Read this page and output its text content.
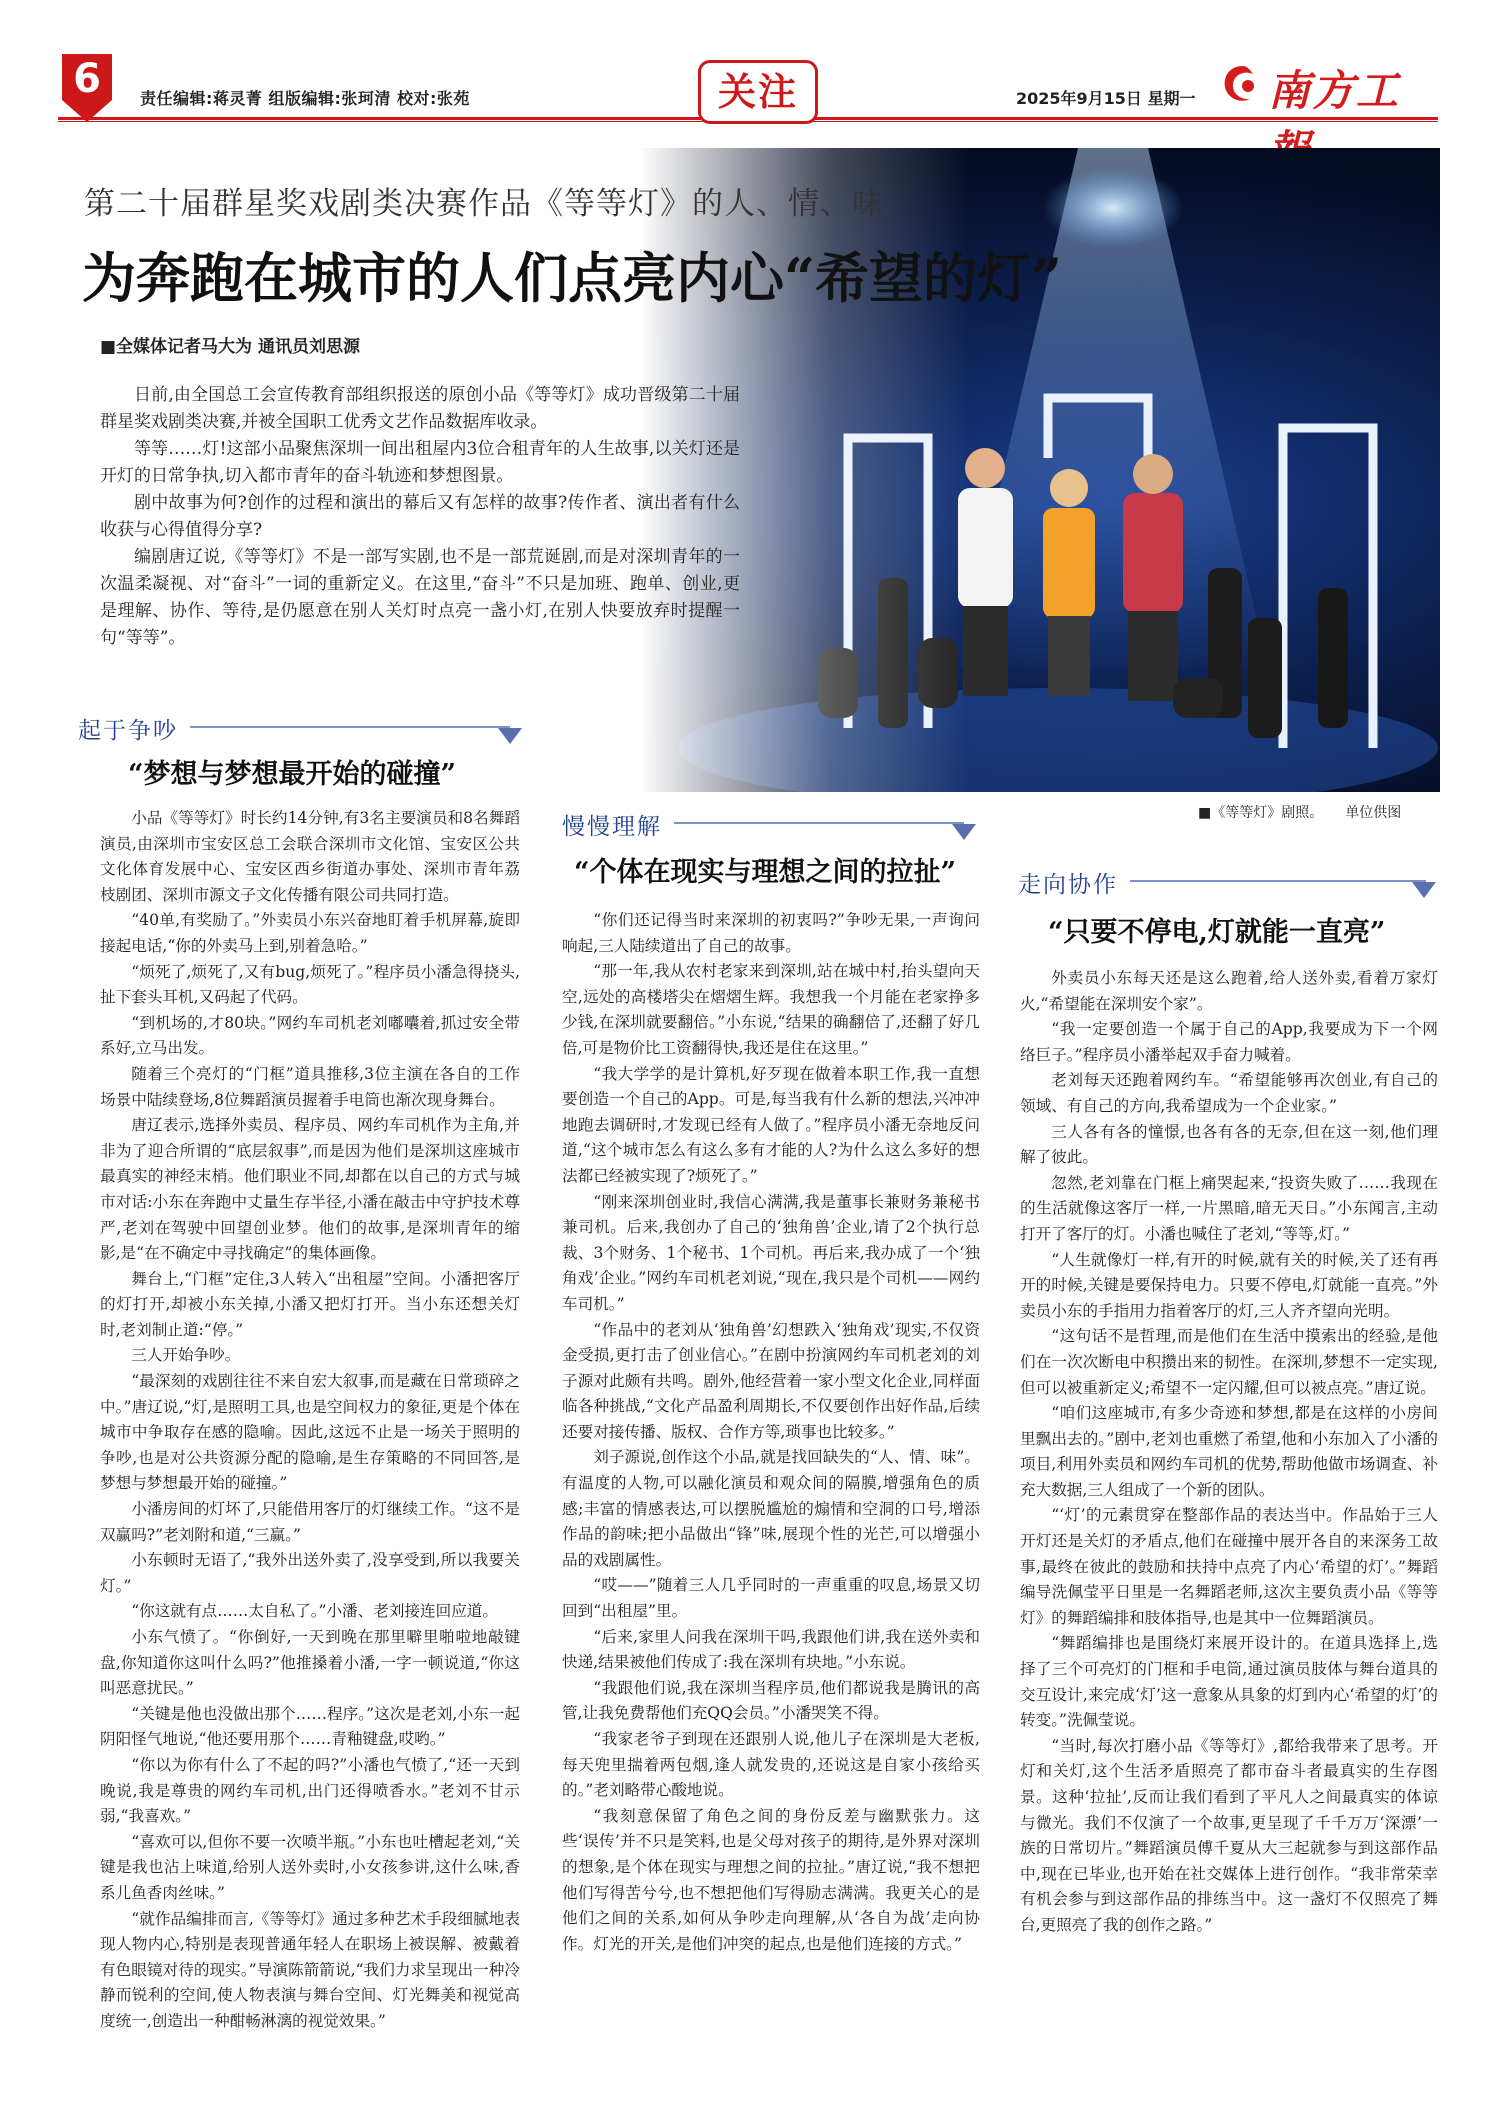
6	责任编辑:蒋灵菁 组版编辑:张珂清 校对:张苑	关注	2025年9月15日 星期一 南方工
第二十届群星奖戏剧类决赛作品《等等灯》的人、情、味
为奔跑在城市的人们点亮内心“希望的灯”
■全媒体记者马大为 通讯员刘思源

日前,由全国总工会宣传教育部组织报送的原创小品《等等灯》成功晋级第二十届群星奖戏剧类决赛,并被全国职工优秀文艺作品数据库收录。

等等……灯!这部小品聚焦深圳一间出租屋内3位合租青年的人生故事,以关灯还是开灯的日常争执,切入都市青年的奋斗轨迹和梦想图景。

剧中故事为何?创作的过程和演出的幕后又有怎样的故事?传作者、演出者有什么收获与心得值得分享?

编剧唐辽说,《等等灯》不是一部写实剧,也不是一部荒诞剧,而是对深圳青年的一次温柔凝视、对“奋斗”一词的重新定义。在这里,“奋斗”不只是加班、跑单、创业,更是理解、协作、等待,是仍愿意在别人关灯时点亮一盏小灯,在别人快要放弃时提醒一句“等等”。

■《等等灯》剧照。 单位供图
起于争吵
“梦想与梦想最开始的碰撞”

小品《等等灯》时长约14分钟,有3名主要演员和8名舞蹈演员,由深圳市宝安区总工会联合深圳市文化馆、宝安区公共文化体育发展中心、宝安区西乡街道办事处、深圳市青年荔枝剧团、深圳市源文子文化传播有限公司共同打造。

“40单,有奖励了。”外卖员小东兴奋地盯着手机屏幕,旋即接起电话,“你的外卖马上到,别着急哈。”

“烦死了,烦死了,又有bug,烦死了。”程序员小潘急得挠头,扯下套头耳机,又码起了代码。

“到机场的,才80块。”网约车司机老刘嘟囔着,抓过安全带系好,立马出发。

随着三个亮灯的“门框”道具推移,3位主演在各自的工作场景中陆续登场,8位舞蹈演员握着手电筒也渐次现身舞台。

唐辽表示,选择外卖员、程序员、网约车司机作为主角,并非为了迎合所谓的“底层叙事”,而是因为他们是深圳这座城市最真实的神经末梢。他们职业不同,却都在以自己的方式与城市对话:小东在奔跑中丈量生存半径,小潘在敲击中守护技术尊严,老刘在驾驶中回望创业梦。他们的故事,是深圳青年的缩影,是“在不确定中寻找确定”的集体画像。

舞台上,“门框”定住,3人转入“出租屋”空间。小潘把客厅的灯打开,却被小东关掉,小潘又把灯打开。当小东还想关灯时,老刘制止道:“停。”

三人开始争吵。

“最深刻的戏剧往往不来自宏大叙事,而是藏在日常琐碎之中。”唐辽说,“灯,是照明工具,也是空间权力的象征,更是个体在城市中争取存在感的隐喻。因此,这远不止是一场关于照明的争吵,也是对公共资源分配的隐喻,是生存策略的不同回答,是梦想与梦想最开始的碰撞。”

小潘房间的灯坏了,只能借用客厅的灯继续工作。“这不是双赢吗?”老刘附和道,“三赢。”

小东顿时无语了,“我外出送外卖了,没享受到,所以我要关灯。”

“你这就有点……太自私了。”小潘、老刘接连回应道。

小东气愤了。“你倒好,一天到晚在那里噼里啪啦地敲键盘,你知道你这叫什么吗?”他推搡着小潘,一字一顿说道,“你这叫恶意扰民。”

“关键是他也没做出那个……程序。”这次是老刘,小东一起阴阳怪气地说,“他还要用那个……青釉键盘,哎哟。”

“你以为你有什么了不起的吗?”小潘也气愤了,“还一天到晚说,我是尊贵的网约车司机,出门还得喷香水。”老刘不甘示弱,“我喜欢。”

“喜欢可以,但你不要一次喷半瓶。”小东也吐槽起老刘,“关键是我也沾上味道,给别人送外卖时,小女孩参讲,这什么味,香系儿鱼香肉丝味。”

“就作品编排而言,《等等灯》通过多种艺术手段细腻地表现人物内心,特别是表现普通年轻人在职场上被误解、被戴着有色眼镜对待的现实。”导演陈箭箭说,“我们力求呈现出一种冷静而锐利的空间,使人物表演与舞台空间、灯光舞美和视觉高度统一,创造出一种酣畅淋漓的视觉效果。”

慢慢理解
“个体在现实与理想之间的拉扯”

“你们还记得当时来深圳的初衷吗?”争吵无果,一声询问响起,三人陆续道出了自己的故事。

“那一年,我从农村老家来到深圳,站在城中村,抬头望向天空,远处的高楼塔尖在熠熠生辉。我想我一个月能在老家挣多少钱,在深圳就要翻倍。”小东说,“结果的确翻倍了,还翻了好几倍,可是物价比工资翻得快,我还是住在这里。”

“我大学学的是计算机,好歹现在做着本职工作,我一直想要创造一个自己的App。可是,每当我有什么新的想法,兴冲冲地跑去调研时,才发现已经有人做了。”程序员小潘无奈地反问道,“这个城市怎么有这么多有才能的人?为什么这么多好的想法都已经被实现了?烦死了。”

“刚来深圳创业时,我信心满满,我是董事长兼财务兼秘书兼司机。后来,我创办了自己的‘独角兽’企业,请了2个执行总裁、3个财务、1个秘书、1个司机。再后来,我办成了一个‘独角戏’企业。”网约车司机老刘说,“现在,我只是个司机——网约车司机。”

“作品中的老刘从‘独角兽’幻想跌入‘独角戏’现实,不仅资金受损,更打击了创业信心。”在剧中扮演网约车司机老刘的刘子源对此颇有共鸣。剧外,他经营着一家小型文化企业,同样面临各种挑战,“文化产品盈利周期长,不仅要创作出好作品,后续还要对接传播、版权、合作方等,琐事也比较多。”

刘子源说,创作这个小品,就是找回缺失的“人、情、味”。有温度的人物,可以融化演员和观众间的隔膜,增强角色的质感;丰富的情感表达,可以摆脱尴尬的煽情和空洞的口号,增添作品的韵味;把小品做出“锋”味,展现个性的光芒,可以增强小品的戏剧属性。

“哎——”随着三人几乎同时的一声重重的叹息,场景又切回到“出租屋”里。

“后来,家里人问我在深圳干吗,我跟他们讲,我在送外卖和快递,结果被他们传成了:我在深圳有块地。”小东说。

“我跟他们说,我在深圳当程序员,他们都说我是腾讯的高管,让我免费帮他们充QQ会员。”小潘哭笑不得。

“我家老爷子到现在还跟别人说,他儿子在深圳是大老板,每天兜里揣着两包烟,逢人就发贵的,还说这是自家小孩给买的。”老刘略带心酸地说。

“我刻意保留了角色之间的身份反差与幽默张力。这些‘误传’并不只是笑料,也是父母对孩子的期待,是外界对深圳的想象,是个体在现实与理想之间的拉扯。”唐辽说,“我不想把他们写得苦兮兮,也不想把他们写得励志满满。我更关心的是他们之间的关系,如何从争吵走向理解,从‘各自为战’走向协作。灯光的开关,是他们冲突的起点,也是他们连接的方式。”

走向协作
“只要不停电,灯就能一直亮”

外卖员小东每天还是这么跑着,给人送外卖,看着万家灯火,“希望能在深圳安个家”。

“我一定要创造一个属于自己的App,我要成为下一个网络巨子。”程序员小潘举起双手奋力喊着。

老刘每天还跑着网约车。“希望能够再次创业,有自己的领域、有自己的方向,我希望成为一个企业家。”

三人各有各的憧憬,也各有各的无奈,但在这一刻,他们理解了彼此。

忽然,老刘靠在门框上痛哭起来,“投资失败了……我现在的生活就像这客厅一样,一片黑暗,暗无天日。”小东闻言,主动打开了客厅的灯。小潘也喊住了老刘,“等等,灯。”

“人生就像灯一样,有开的时候,就有关的时候,关了还有再开的时候,关键是要保持电力。只要不停电,灯就能一直亮。”外卖员小东的手指用力指着客厅的灯,三人齐齐望向光明。

“这句话不是哲理,而是他们在生活中摸索出的经验,是他们在一次次断电中积攒出来的韧性。在深圳,梦想不一定实现,但可以被重新定义;希望不一定闪耀,但可以被点亮。”唐辽说。

“咱们这座城市,有多少奇迹和梦想,都是在这样的小房间里飘出去的。”剧中,老刘也重燃了希望,他和小东加入了小潘的项目,利用外卖员和网约车司机的优势,帮助他做市场调查、补充大数据,三人组成了一个新的团队。

“‘灯’的元素贯穿在整部作品的表达当中。作品始于三人开灯还是关灯的矛盾点,他们在碰撞中展开各自的来深务工故事,最终在彼此的鼓励和扶持中点亮了内心‘希望的灯’。”舞蹈编导洗佩莹平日里是一名舞蹈老师,这次主要负责小品《等等灯》的舞蹈编排和肢体指导,也是其中一位舞蹈演员。

“舞蹈编排也是围绕灯来展开设计的。在道具选择上,选择了三个可亮灯的门框和手电筒,通过演员肢体与舞台道具的交互设计,来完成‘灯’这一意象从具象的灯到内心‘希望的灯’的转变。”洗佩莹说。

“当时,每次打磨小品《等等灯》,都给我带来了思考。开灯和关灯,这个生活矛盾照亮了都市奋斗者最真实的生存图景。这种‘拉扯’,反而让我们看到了平凡人之间最真实的体谅与微光。我们不仅演了一个故事,更呈现了千千万万‘深漂’一族的日常切片。”舞蹈演员傅千夏从大三起就参与到这部作品中,现在已毕业,也开始在社交媒体上进行创作。“我非常荣幸有机会参与到这部作品的排练当中。这一盏灯不仅照亮了舞台,更照亮了我的创作之路。”
